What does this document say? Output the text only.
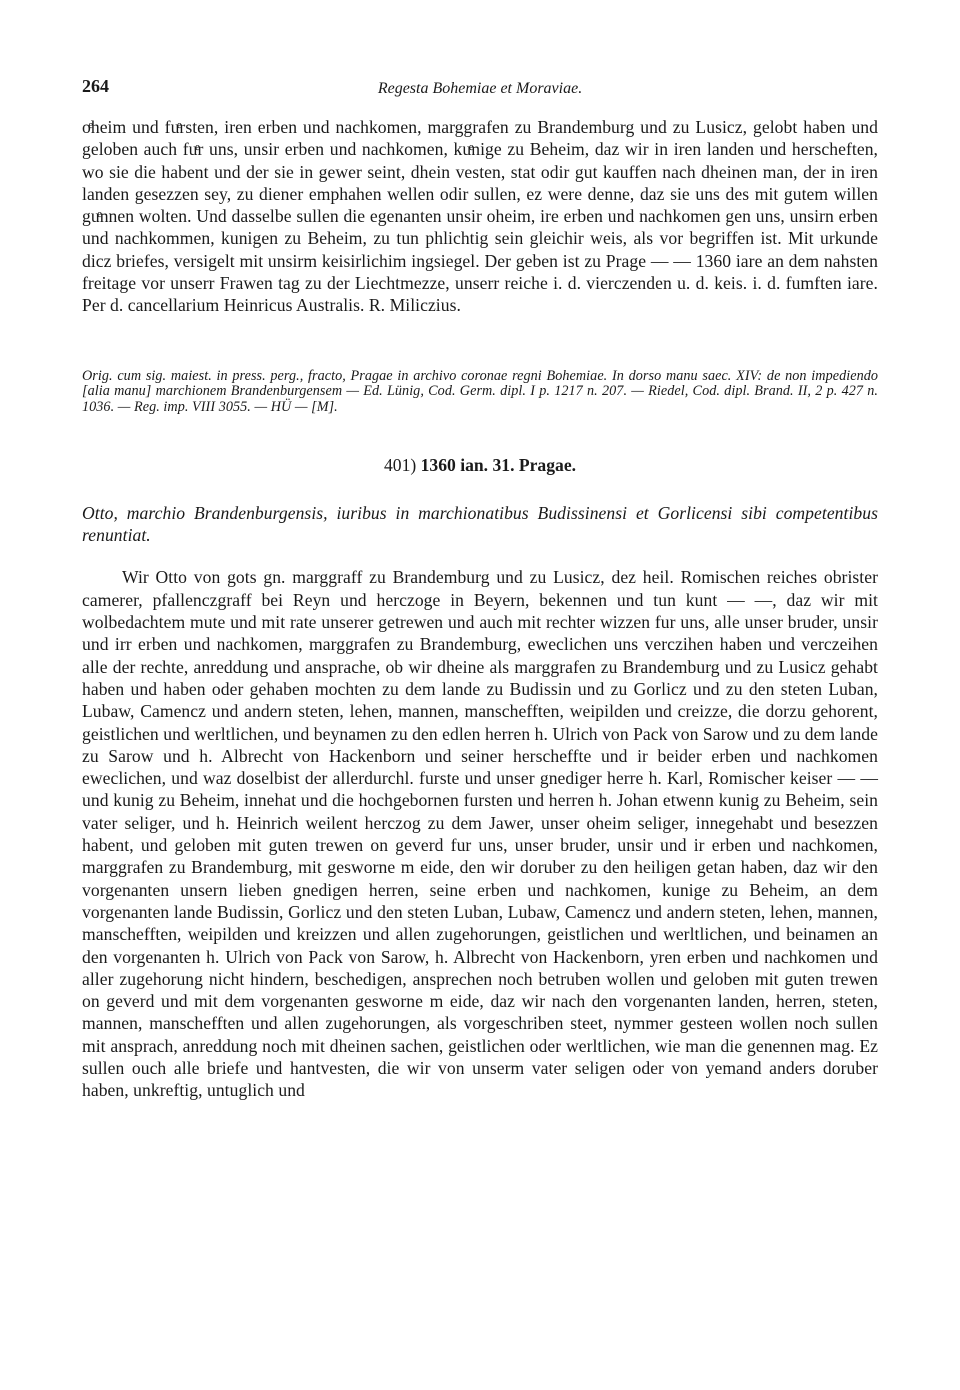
264	Regesta Bohemiae et Moraviae.

oͤheim und fuͤrsten, iren erben und nachkomen, marggrafen zu Brandemburg und zu Lusicz, gelobt haben und geloben auch fuͤr uns, unsir erben und nachkomen, kuͤnige zu Beheim, daz wir in iren landen und herscheften, wo sie die habent und der sie in gewer seint, dhein vesten, stat odir gut kauffen nach dheinen man, der in iren landen gesezzen sey, zu diener emphahen wellen odir sullen, ez were denne, daz sie uns des mit gutem willen guͤnnen wolten. Und dasselbe sullen die egenanten unsir oheim, ire erben und nachkomen gen uns, unsirn erben und nachkommen, kunigen zu Beheim, zu tun phlichtig sein gleichir weis, als vor begriffen ist. Mit urkunde dicz briefes, versigelt mit unsirm keisirlichim ingsiegel. Der geben ist zu Prage — — 1360 iare an dem nahsten freitage vor unserr Frawen tag zu der Liechtmezze, unserr reiche i. d. vierczenden u. d. keis. i. d. fumften iare. Per d. cancellarium Heinricus Australis. R. Miliczius.

Orig. cum sig. maiest. in press. perg., fracto, Pragae in archivo coronae regni Bohemiae. In dorso manu saec. XIV: de non impediendo [alia manu] marchionem Brandenburgensem — Ed. Lünig, Cod. Germ. dipl. I p. 1217 n. 207. — Riedel, Cod. dipl. Brand. II, 2 p. 427 n. 1036. — Reg. imp. VIII 3055. — HÜ — [M].

401) 1360 ian. 31. Pragae.

Otto, marchio Brandenburgensis, iuribus in marchionatibus Budissinensi et Gorlicensi sibi competentibus renuntiat.

Wir Otto von gots gn. marggraff zu Brandemburg und zu Lusicz, dez heil. Romischen reiches obrister camerer, pfallenczgraff bei Reyn und herczoge in Beyern, bekennen und tun kunt — —, daz wir mit wolbedachtem mute und mit rate unserer getrewen und auch mit rechter wizzen fur uns, alle unser bruder, unsir und irr erben und nachkomen, marggrafen zu Brandemburg, eweclichen uns verczihen haben und verczeihen alle der rechte, anreddung und ansprache, ob wir dheine als marggrafen zu Brandemburg und zu Lusicz gehabt haben und haben oder gehaben mochten zu dem lande zu Budissin und zu Gorlicz und zu den steten Luban, Lubaw, Camencz und andern steten, lehen, mannen, manschefften, weipilden und creizze, die dorzu gehorent, geistlichen und werltlichen, und beynamen zu den edlen herren h. Ulrich von Pack von Sarow und zu dem lande zu Sarow und h. Albrecht von Hackenborn und seiner herscheffte und ir beider erben und nachkomen eweclichen, und waz doselbist der allerdurchl. furste und unser gnediger herre h. Karl, Romischer keiser — — und kunig zu Beheim, innehat und die hochgebornen fursten und herren h. Johan etwenn kunig zu Beheim, sein vater seliger, und h. Heinrich weilent herczog zu dem Jawer, unser oheim seliger, innegehabt und besezzen habent, und geloben mit guten trewen on geverd fur uns, unser bruder, unsir und ir erben und nachkomen, marggrafen zu Brandemburg, mit gesworne m eide, den wir doruber zu den heiligen getan haben, daz wir den vorgenanten unsern lieben gnedigen herren, seine erben und nachkomen, kunige zu Beheim, an dem vorgenanten lande Budissin, Gorlicz und den steten Luban, Lubaw, Camencz und andern steten, lehen, mannen, manschefften, weipilden und kreizzen und allen zugehorungen, geistlichen und werltlichen, und beinamen an den vorgenanten h. Ulrich von Pack von Sarow, h. Albrecht von Hackenborn, yren erben und nachkomen und aller zugehorung nicht hindern, beschedigen, ansprechen noch betruben wollen und geloben mit guten trewen on geverd und mit dem vorgenanten gesworne m eide, daz wir nach den vorgenanten landen, herren, steten, mannen, manschefften und allen zugehorungen, als vorgeschriben steet, nymmer gesteen wollen noch sullen mit ansprach, anreddung noch mit dheinen sachen, geistlichen oder werltlichen, wie man die genennen mag. Ez sullen ouch alle briefe und hantvesten, die wir von unserm vater seligen oder von yemand anders doruber haben, unkreftig, untuglich und
